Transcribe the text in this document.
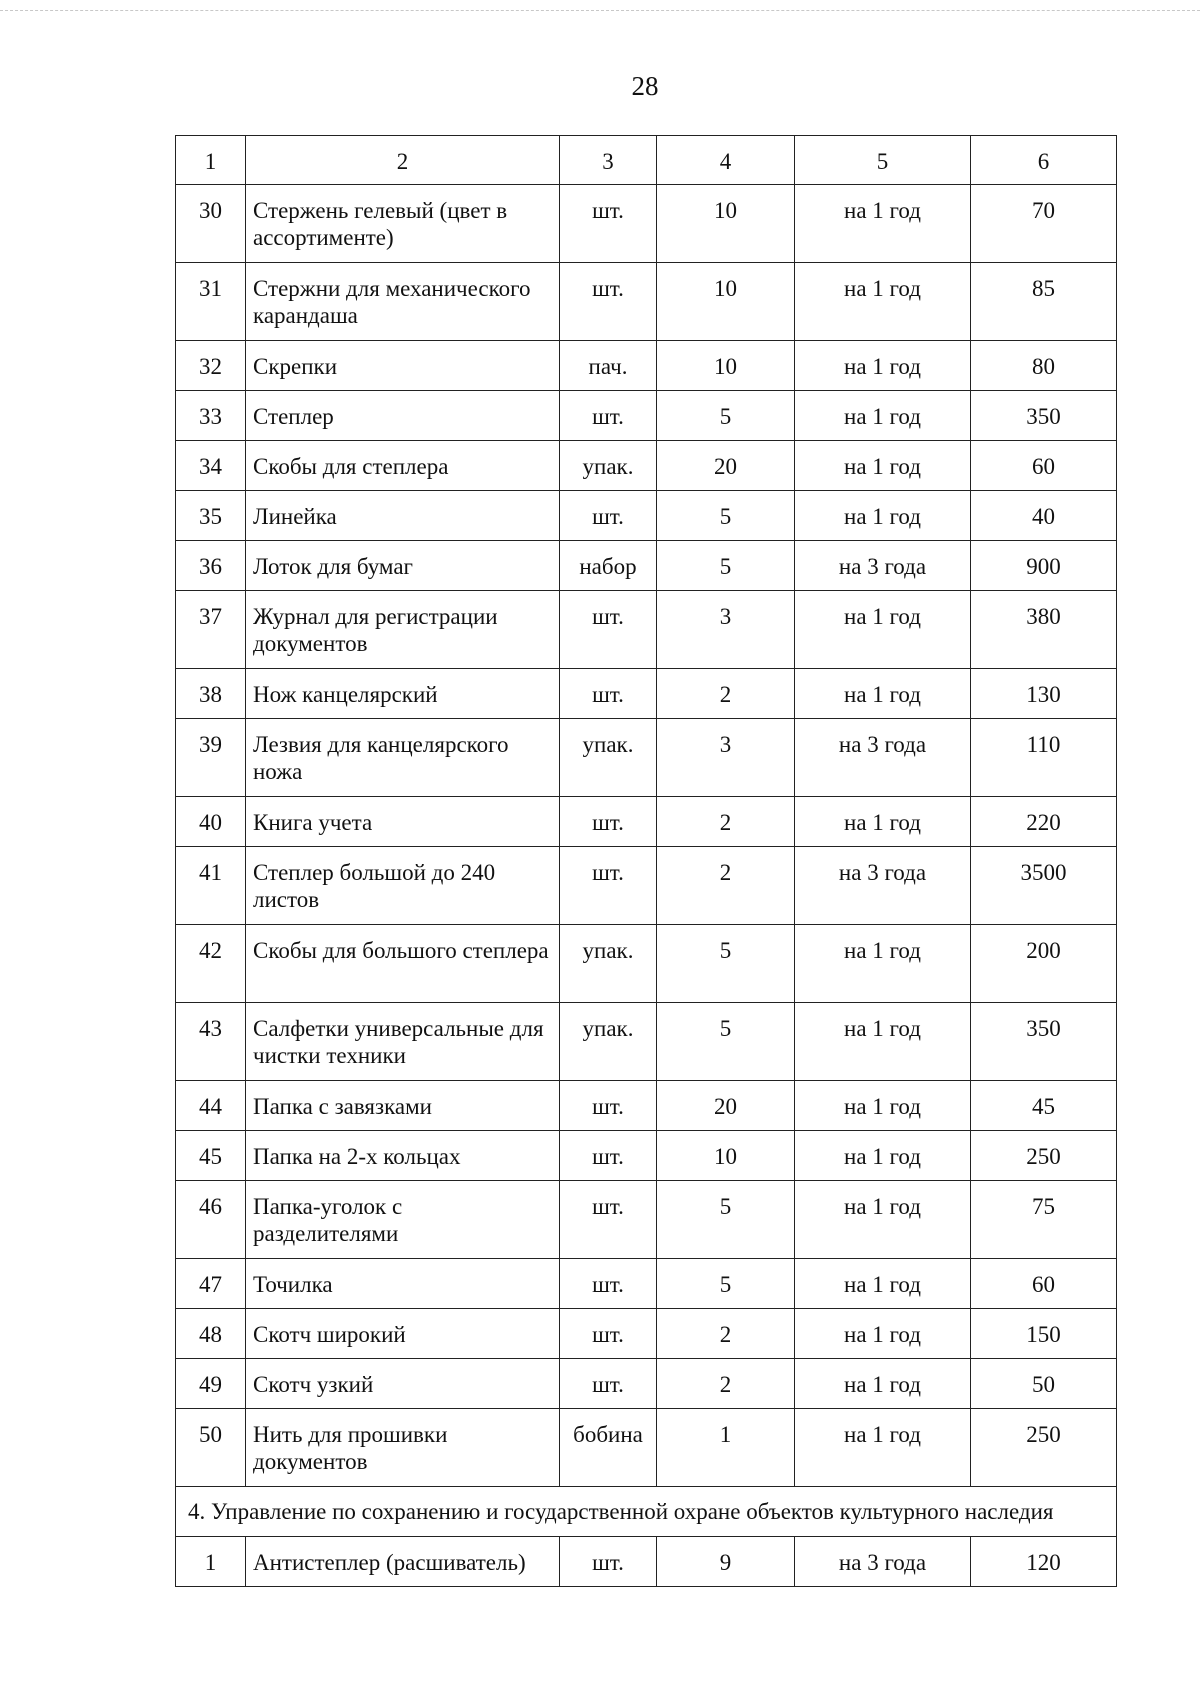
28
1	2	3	4	5	6
30	Стержень гелевый (цвет в ассортименте)	шт.	10	на 1 год	70
31	Стержни для механического карандаша	шт.	10	на 1 год	85
32	Скрепки	пач.	10	на 1 год	80
33	Степлер	шт.	5	на 1 год	350
34	Скобы для степлера	упак.	20	на 1 год	60
35	Линейка	шт.	5	на 1 год	40
36	Лоток для бумаг	набор	5	на 3 года	900
37	Журнал для регистрации документов	шт.	3	на 1 год	380
38	Нож канцелярский	шт.	2	на 1 год	130
39	Лезвия для канцелярского ножа	упак.	3	на 3 года	110
40	Книга учета	шт.	2	на 1 год	220
41	Степлер большой до 240 листов	шт.	2	на 3 года	3500
42	Скобы для большого степлера	упак.	5	на 1 год	200
43	Салфетки универсальные для чистки техники	упак.	5	на 1 год	350
44	Папка с завязками	шт.	20	на 1 год	45
45	Папка на 2-х кольцах	шт.	10	на 1 год	250
46	Папка-уголок с разделителями	шт.	5	на 1 год	75
47	Точилка	шт.	5	на 1 год	60
48	Скотч широкий	шт.	2	на 1 год	150
49	Скотч узкий	шт.	2	на 1 год	50
50	Нить для прошивки документов	бобина	1	на 1 год	250
4. Управление по сохранению и государственной охране объектов культурного наследия					
1	Антистеплер (расшиватель)	шт.	9	на 3 года	120
